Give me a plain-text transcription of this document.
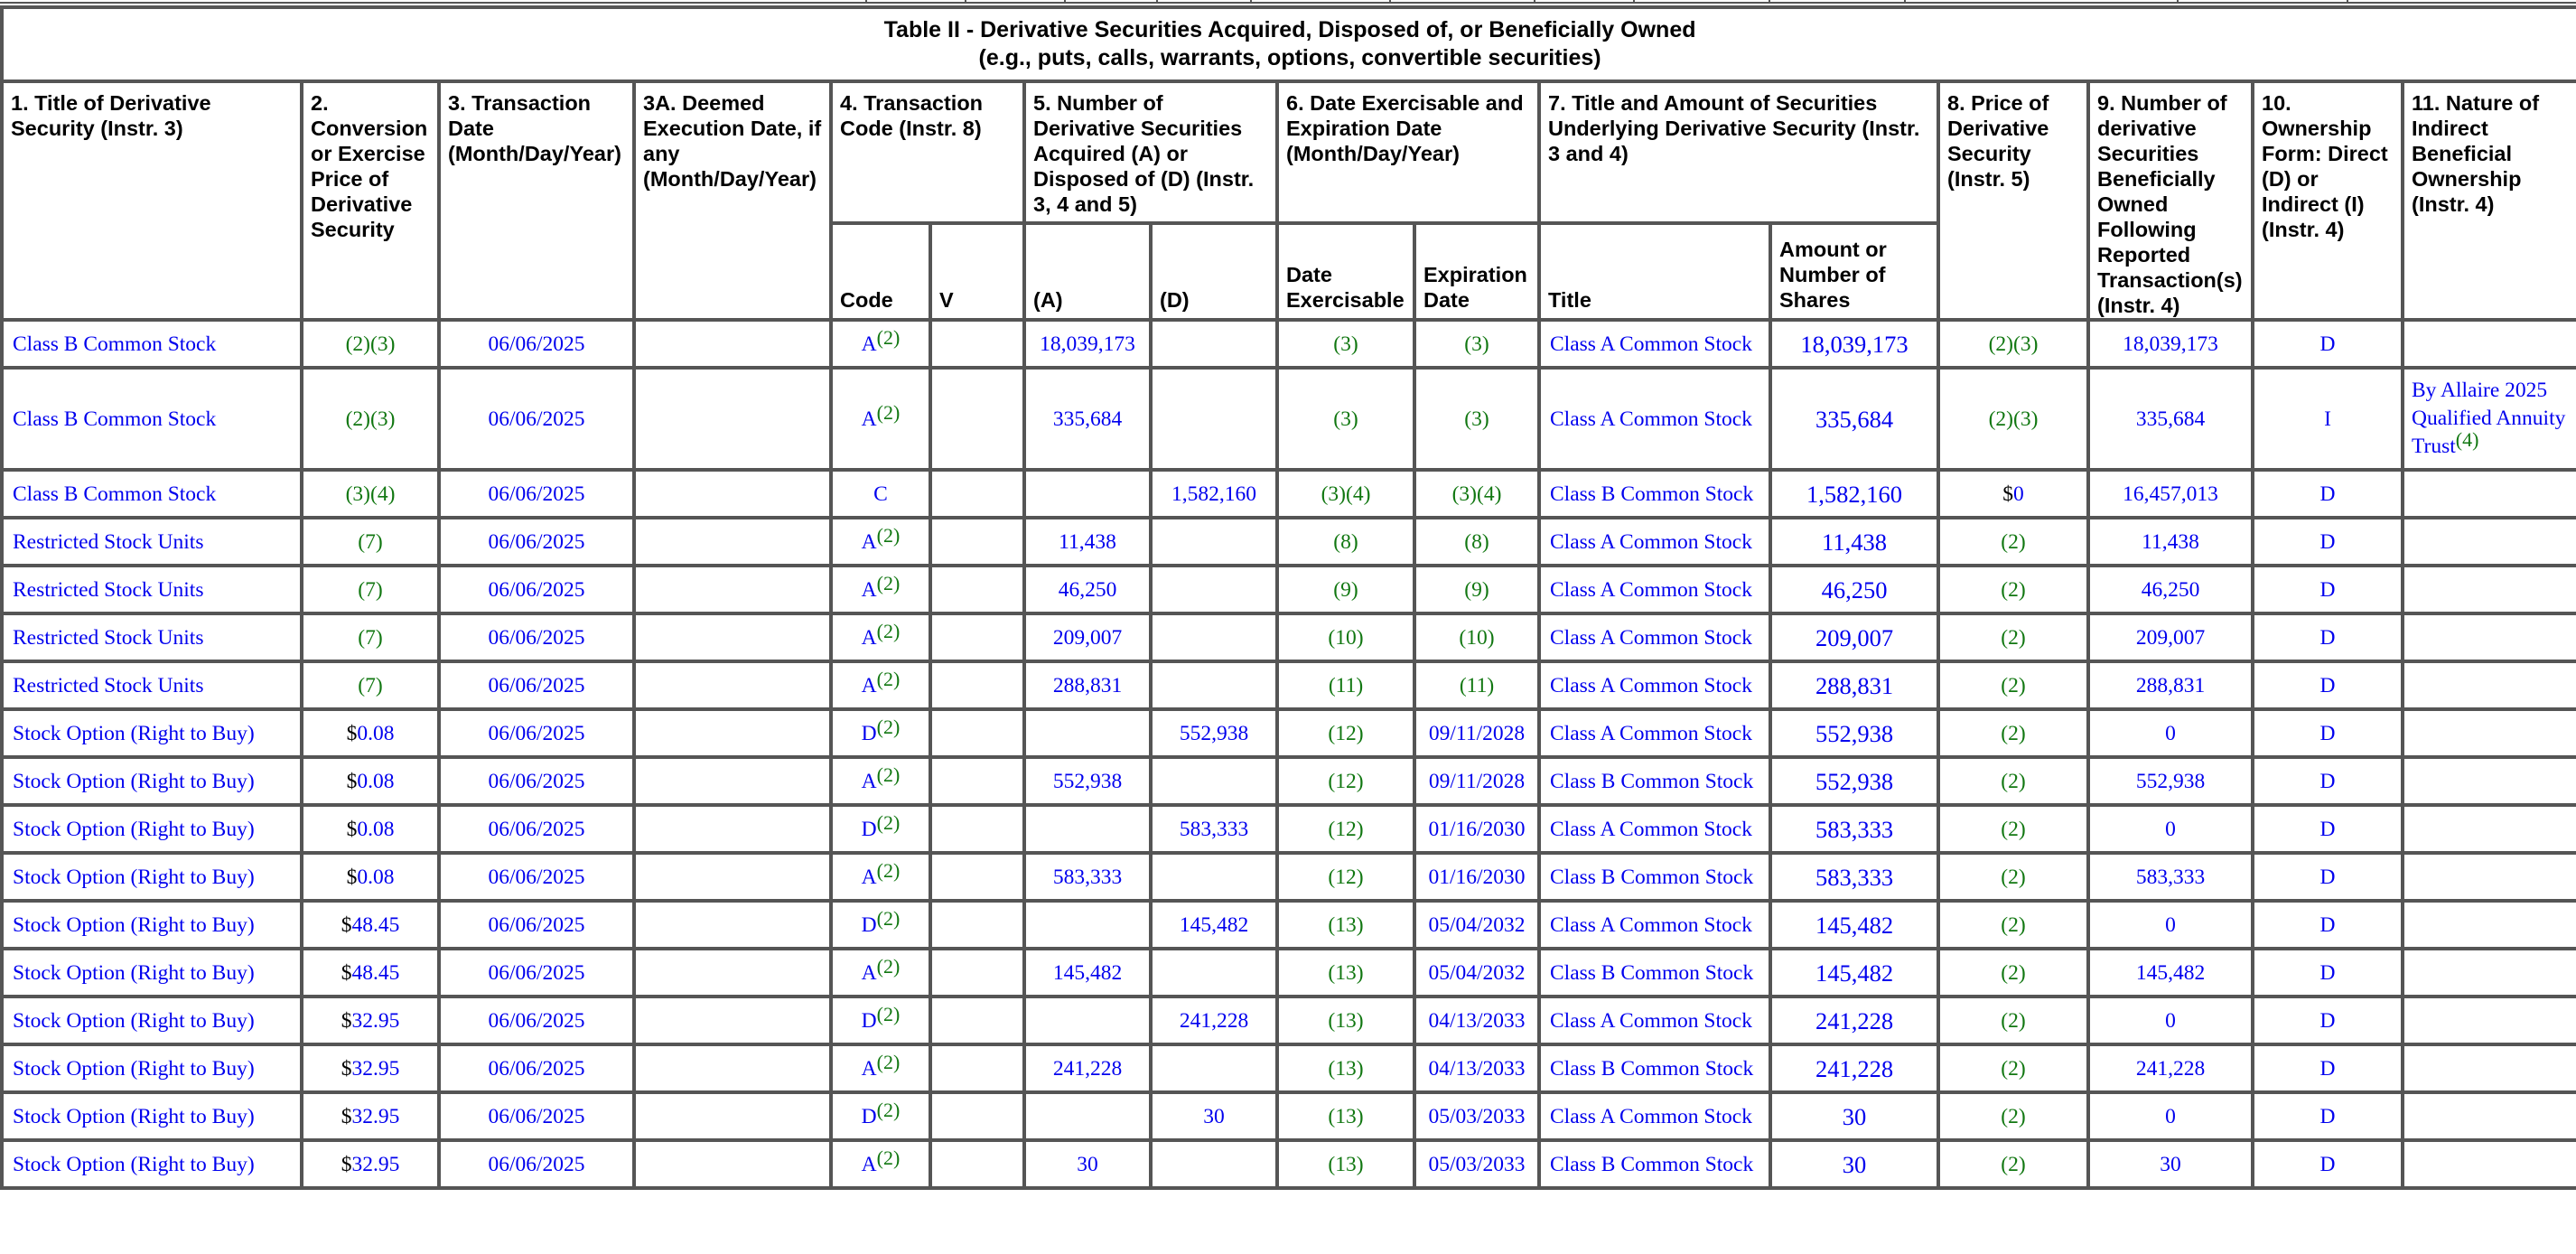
Table II - Derivative Securities Acquired, Disposed of, or Beneficially Owned
(e.g., puts, calls, warrants, options, convertible securities)															

1. Title of Derivative Security (Instr. 3)	2. Conversion or Exercise Price of Derivative Security	3. Transaction Date (Month/Day/Year)	3A. Deemed Execution Date, if any (Month/Day/Year)	4. Transaction Code (Instr. 8)		5. Number of Derivative Securities Acquired (A) or Disposed of (D) (Instr. 3, 4 and 5)		6. Date Exercisable and Expiration Date (Month/Day/Year)		7. Title and Amount of Securities Underlying Derivative Security (Instr. 3 and 4)		8. Price of Derivative Security (Instr. 5)	9. Number of derivative Securities Beneficially Owned Following Reported Transaction(s) (Instr. 4)	10. Ownership Form: Direct (D) or Indirect (I) (Instr. 4)	11. Nature of Indirect Beneficial Ownership (Instr. 4)
				Code	V	(A)	(D)	Date Exercisable	Expiration Date	Title	Amount or Number of Shares				
Class B Common Stock	(2)(3)	06/06/2025		A$^{(2)}$		18,039,173		(3)	(3)	Class A Common Stock	18,039,173	(2)(3)	18,039,173	D	
Class B Common Stock	(2)(3)	06/06/2025		A$^{(2)}$		335,684		(3)	(3)	Class A Common Stock	335,684	(2)(3)	335,684	I	By Allaire 2025 Qualified Annuity Trust$^{(4)}$
Class B Common Stock	(3)(4)	06/06/2025		C			1,582,160	(3)(4)	(3)(4)	Class B Common Stock	1,582,160	$0	16,457,013	D	
Restricted Stock Units	(7)	06/06/2025		A$^{(2)}$		11,438		(8)	(8)	Class A Common Stock	11,438	(2)	11,438	D	
Restricted Stock Units	(7)	06/06/2025		A$^{(2)}$		46,250		(9)	(9)	Class A Common Stock	46,250	(2)	46,250	D	
Restricted Stock Units	(7)	06/06/2025		A$^{(2)}$		209,007		(10)	(10)	Class A Common Stock	209,007	(2)	209,007	D	
Restricted Stock Units	(7)	06/06/2025		A$^{(2)}$		288,831		(11)	(11)	Class A Common Stock	288,831	(2)	288,831	D	
Stock Option (Right to Buy)	$0.08	06/06/2025		D$^{(2)}$			552,938	(12)	09/11/2028	Class A Common Stock	552,938	(2)	0	D	
Stock Option (Right to Buy)	$0.08	06/06/2025		A$^{(2)}$		552,938		(12)	09/11/2028	Class B Common Stock	552,938	(2)	552,938	D	
Stock Option (Right to Buy)	$0.08	06/06/2025		D$^{(2)}$			583,333	(12)	01/16/2030	Class A Common Stock	583,333	(2)	0	D	
Stock Option (Right to Buy)	$0.08	06/06/2025		A$^{(2)}$		583,333		(12)	01/16/2030	Class B Common Stock	583,333	(2)	583,333	D	
Stock Option (Right to Buy)	$48.45	06/06/2025		D$^{(2)}$			145,482	(13)	05/04/2032	Class A Common Stock	145,482	(2)	0	D	
Stock Option (Right to Buy)	$48.45	06/06/2025		A$^{(2)}$		145,482		(13)	05/04/2032	Class B Common Stock	145,482	(2)	145,482	D	
Stock Option (Right to Buy)	$32.95	06/06/2025		D$^{(2)}$			241,228	(13)	04/13/2033	Class A Common Stock	241,228	(2)	0	D	
Stock Option (Right to Buy)	$32.95	06/06/2025		A$^{(2)}$		241,228		(13)	04/13/2033	Class B Common Stock	241,228	(2)	241,228	D	
Stock Option (Right to Buy)	$32.95	06/06/2025		D$^{(2)}$			30	(13)	05/03/2033	Class A Common Stock	30	(2)	0	D	
Stock Option (Right to Buy)	$32.95	06/06/2025		A$^{(2)}$		30		(13)	05/03/2033	Class B Common Stock	30	(2)	30	D	
